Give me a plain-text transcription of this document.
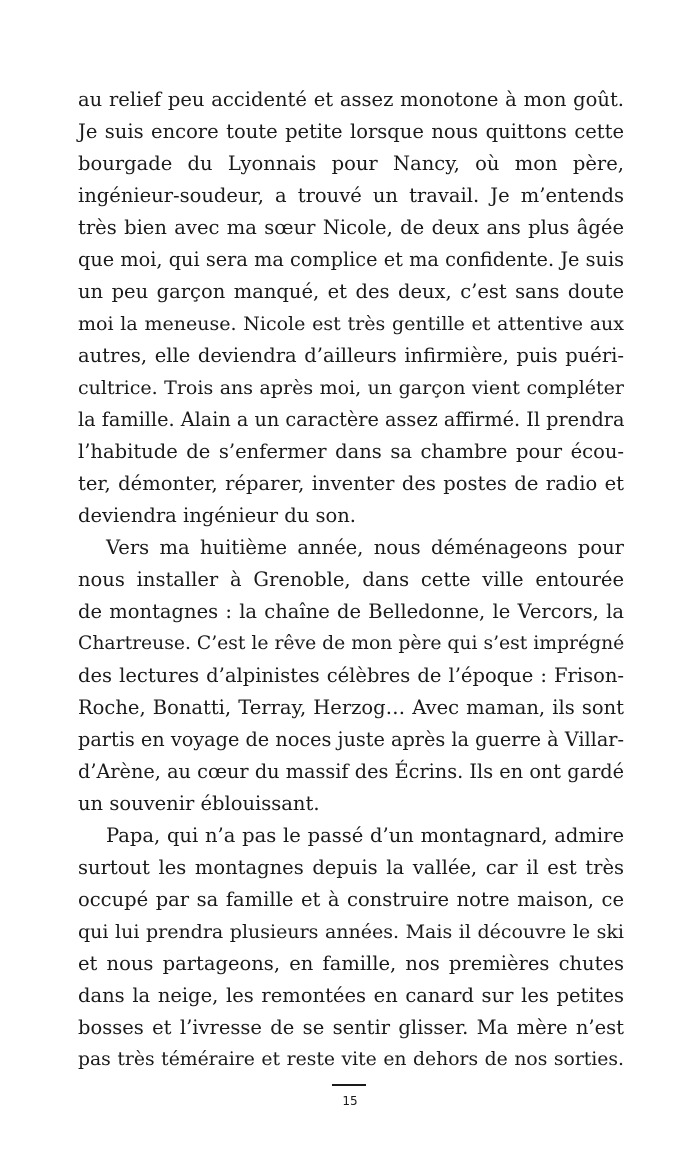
au relief peu accidenté et assez monotone à mon goût.
Je suis encore toute petite lorsque nous quittons cette
bourgade du Lyonnais pour Nancy, où mon père,
ingénieur-soudeur, a trouvé un travail. Je m’entends
très bien avec ma sœur Nicole, de deux ans plus âgée
que moi, qui sera ma complice et ma confidente. Je suis
un peu garçon manqué, et des deux, c’est sans doute
moi la meneuse. Nicole est très gentille et attentive aux
autres, elle deviendra d’ailleurs infirmière, puis puéri-
cultrice. Trois ans après moi, un garçon vient compléter
la famille. Alain a un caractère assez affirmé. Il prendra
l’habitude de s’enfermer dans sa chambre pour écou-
ter, démonter, réparer, inventer des postes de radio et
deviendra ingénieur du son.
Vers ma huitième année, nous déménageons pour
nous installer à Grenoble, dans cette ville entourée
de montagnes : la chaîne de Belledonne, le Vercors, la
Chartreuse. C’est le rêve de mon père qui s’est imprégné
des lectures d’alpinistes célèbres de l’époque : Frison-
Roche, Bonatti, Terray, Herzog… Avec maman, ils sont
partis en voyage de noces juste après la guerre à Villar-
d’Arène, au cœur du massif des Écrins. Ils en ont gardé
un souvenir éblouissant.
Papa, qui n’a pas le passé d’un montagnard, admire
surtout les montagnes depuis la vallée, car il est très
occupé par sa famille et à construire notre maison, ce
qui lui prendra plusieurs années. Mais il découvre le ski
et nous partageons, en famille, nos premières chutes
dans la neige, les remontées en canard sur les petites
bosses et l’ivresse de se sentir glisser. Ma mère n’est
pas très téméraire et reste vite en dehors de nos sorties.
15
